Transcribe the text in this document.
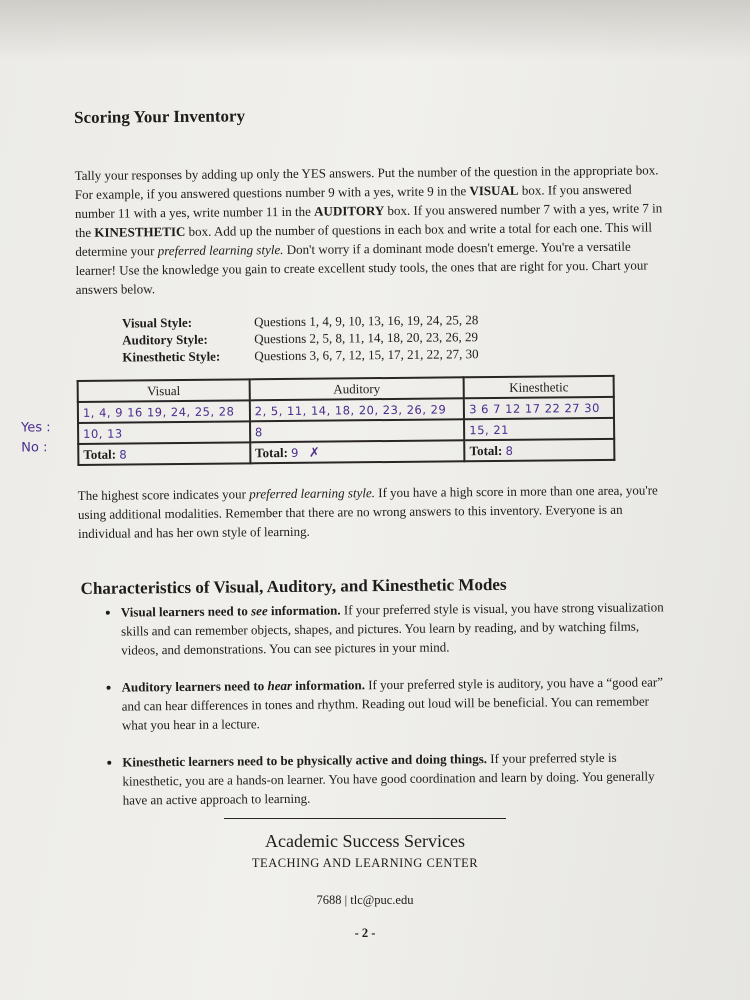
Scoring Your Inventory

Tally your responses by adding up only the YES answers. Put the number of the question in the appropriate box. For example, if you answered questions number 9 with a yes, write 9 in the VISUAL box. If you answered number 11 with a yes, write number 11 in the AUDITORY box. If you answered number 7 with a yes, write 7 in the KINESTHETIC box. Add up the number of questions in each box and write a total for each one. This will determine your preferred learning style. Don't worry if a dominant mode doesn't emerge. You're a versatile learner! Use the knowledge you gain to create excellent study tools, the ones that are right for you. Chart your answers below.

Visual Style:	Questions 1, 4, 9, 10, 13, 16, 19, 24, 25, 28
Auditory Style:	Questions 2, 5, 8, 11, 14, 18, 20, 23, 26, 29
Kinesthetic Style:	Questions 3, 6, 7, 12, 15, 17, 21, 22, 27, 30
Yes :
No :
Visual	Auditory	Kinesthetic
1, 4, 9 16 19, 24, 25, 28	2, 5, 11, 14, 18, 20, 23, 26, 29	3 6 7 12 17 22 27 30
10, 13	8	15, 21
Total: 8	Total: 9 ✗	Total: 8

The highest score indicates your preferred learning style. If you have a high score in more than one area, you're using additional modalities. Remember that there are no wrong answers to this inventory. Everyone is an individual and has her own style of learning.

Characteristics of Visual, Auditory, and Kinesthetic Modes
• Visual learners need to see information. If your preferred style is visual, you have strong visualization skills and can remember objects, shapes, and pictures. You learn by reading, and by watching films, videos, and demonstrations. You can see pictures in your mind.
• Auditory learners need to hear information. If your preferred style is auditory, you have a “good ear” and can hear differences in tones and rhythm. Reading out loud will be beneficial. You can remember what you hear in a lecture.
• Kinesthetic learners need to be physically active and doing things. If your preferred style is kinesthetic, you are a hands-on learner. You have good coordination and learn by doing. You generally have an active approach to learning.
Academic Success Services
TEACHING AND LEARNING CENTER
7688 | tlc@puc.edu
- 2 -
